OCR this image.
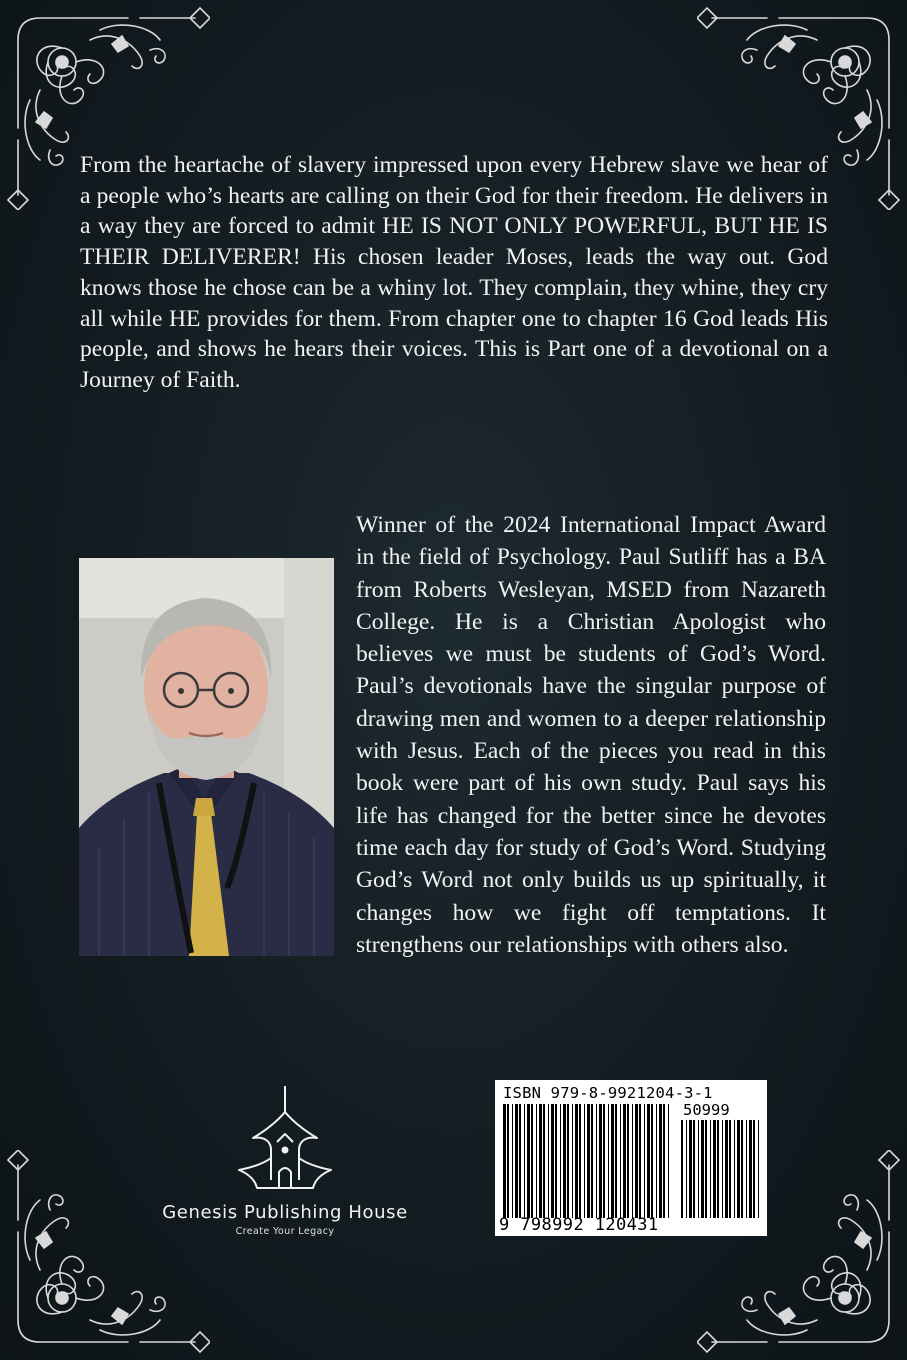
From the heartache of slavery impressed upon every Hebrew slave we hear of a people who’s hearts are calling on their God for their freedom. He delivers in a way they are forced to admit HE IS NOT ONLY POWERFUL, BUT HE IS THEIR DELIVERER! His chosen leader Moses, leads the way out. God knows those he chose can be a whiny lot. They complain, they whine, they cry all while HE provides for them. From chapter one to chapter 16 God leads His people, and shows he hears their voices. This is Part one of a devotional on a Journey of Faith.

Winner of the 2024 International Impact Award in the field of Psychology. Paul Sutliff has a BA from Roberts Wesleyan, MSED from Nazareth College. He is a Christian Apologist who believes we must be students of God’s Word. Paul’s devotionals have the singular purpose of drawing men and women to a deeper relationship with Jesus. Each of the pieces you read in this book were part of his own study. Paul says his life has changed for the better since he devotes time each day for study of God’s Word. Studying God’s Word not only builds us up spiritually, it changes how we fight off temptations. It strengthens our relationships with others also.

Genesis Publishing House
Create Your Legacy
ISBN 979-8-9921204-3-1
50999
9 798992 120431
